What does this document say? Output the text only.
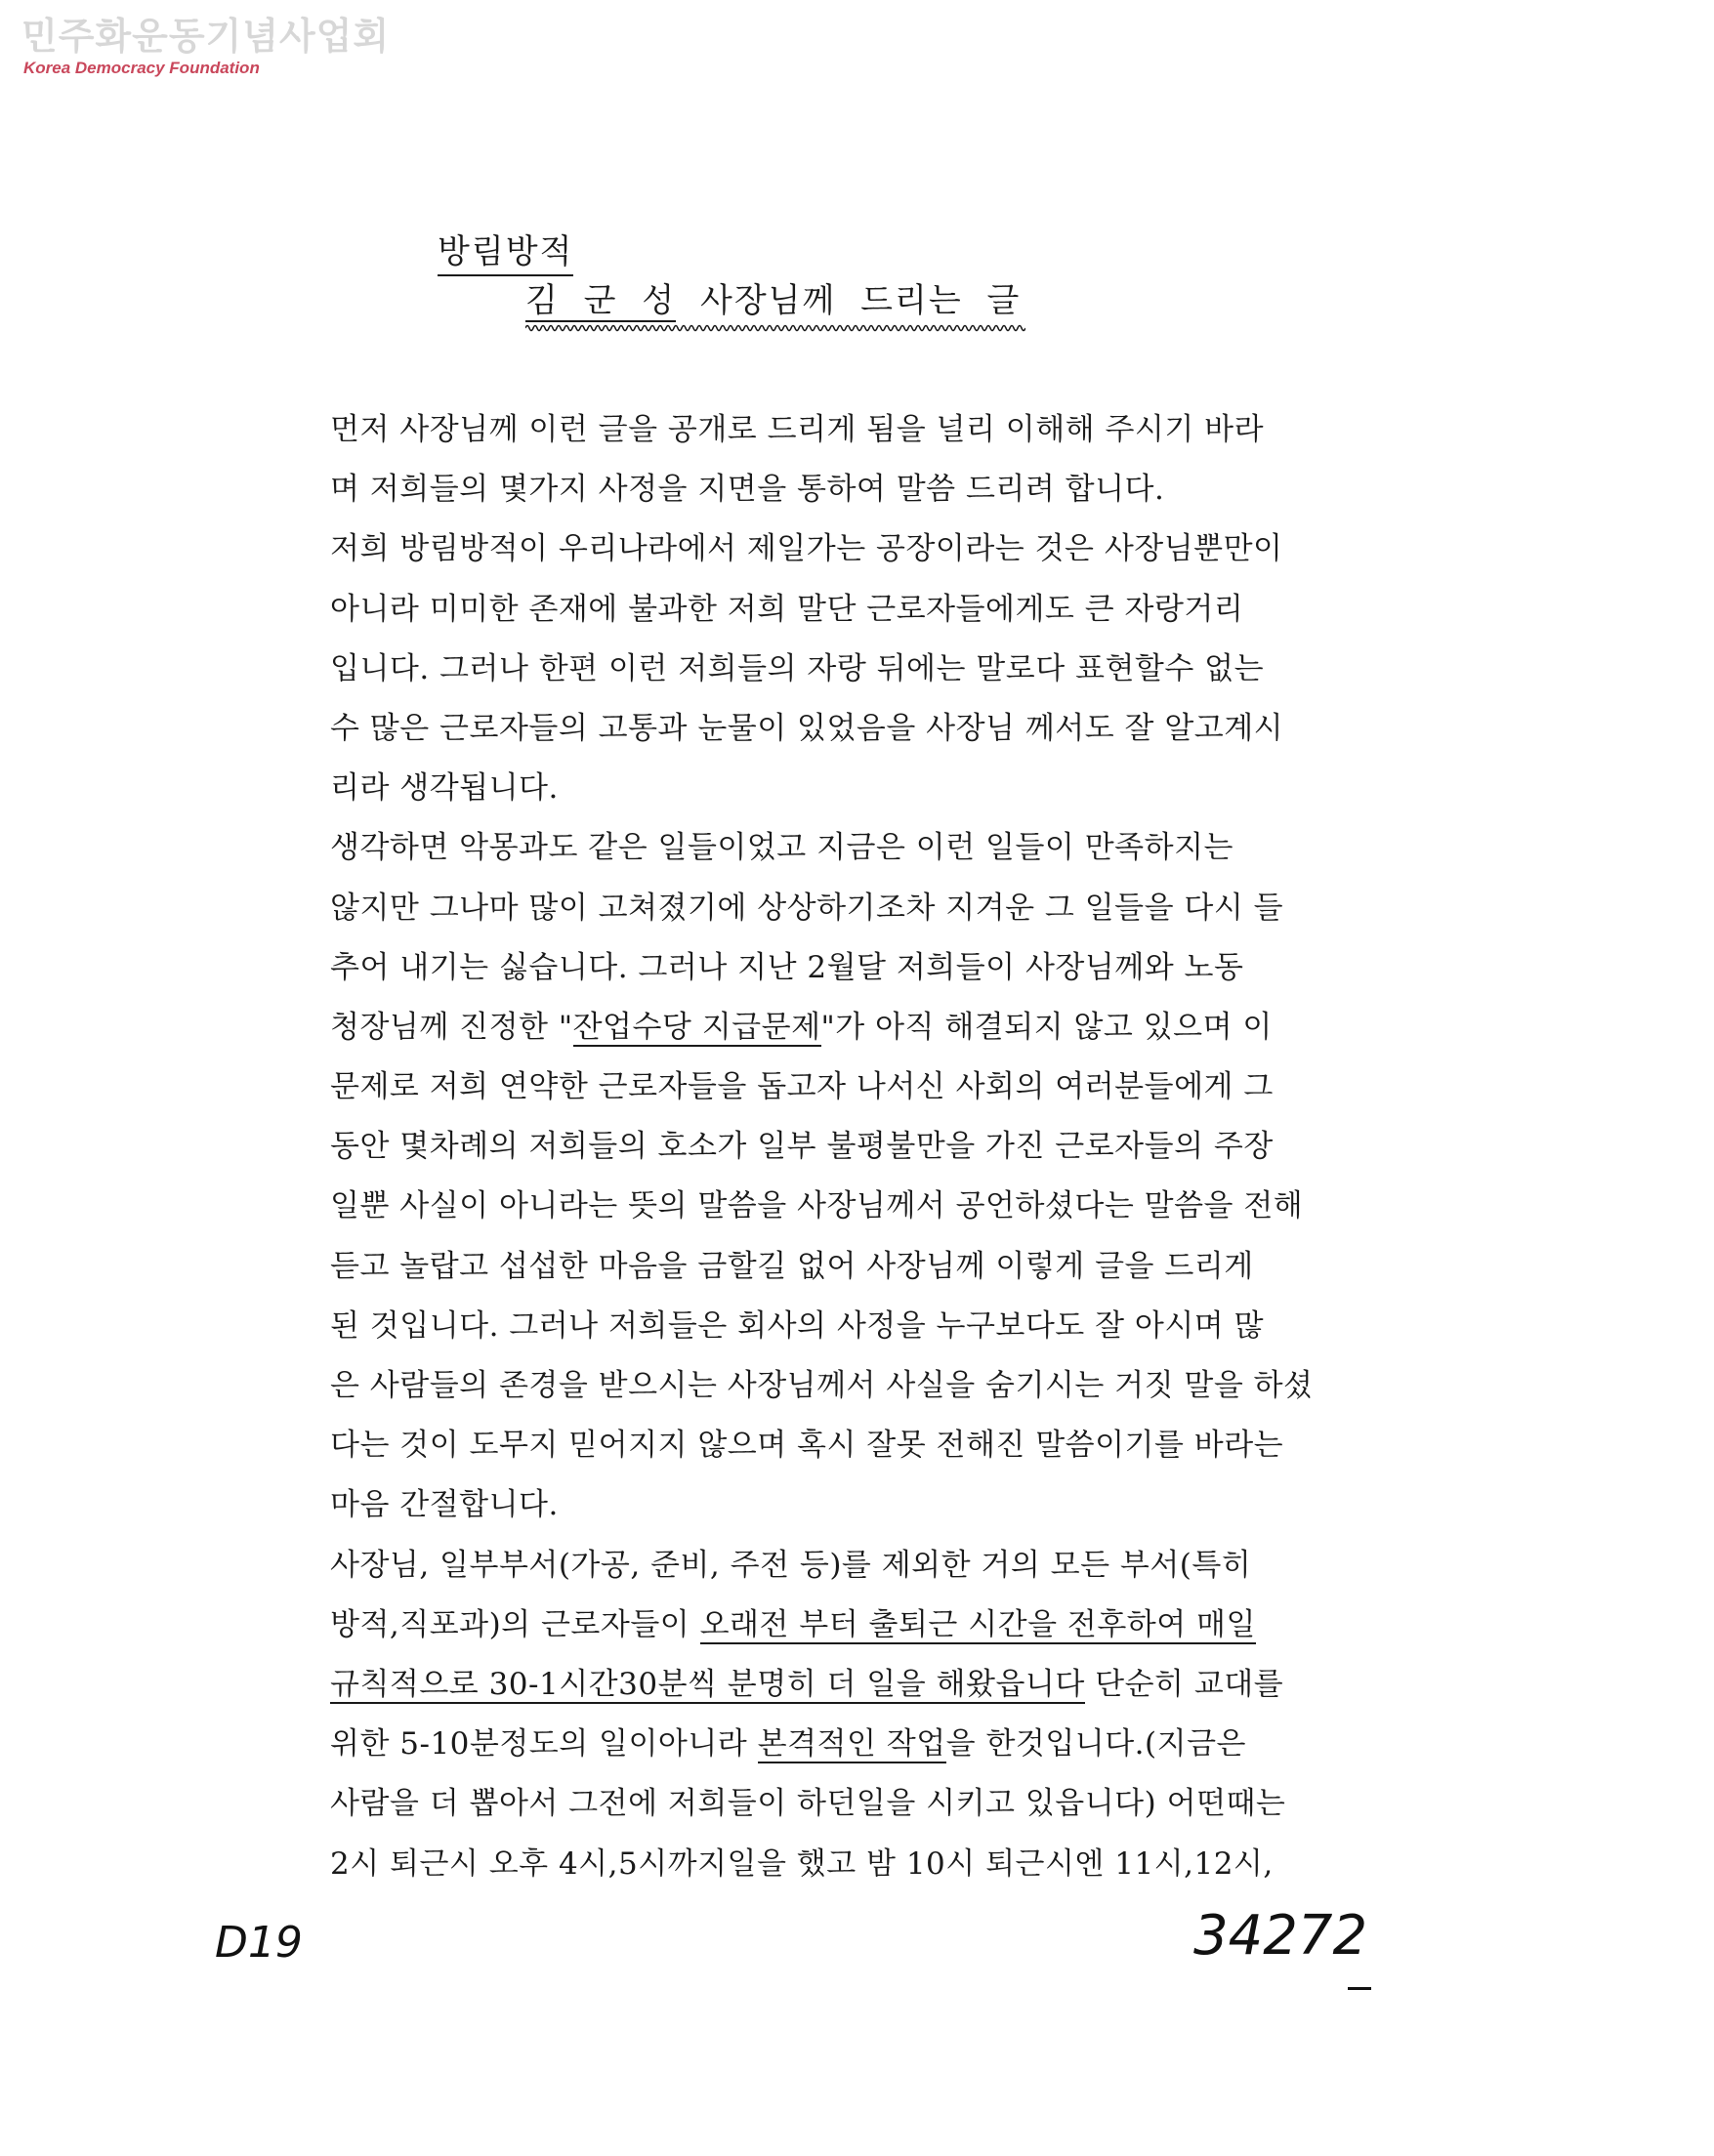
민주화운동기념사업회
Korea Democracy Foundation
방림방적
김 군 성 사장님께 드리는 글
먼저 사장님께 이런 글을 공개로 드리게 됨을 널리 이해해 주시기 바라
며 저희들의 몇가지 사정을 지면을 통하여 말씀 드리려 합니다.
저희 방림방적이 우리나라에서 제일가는 공장이라는 것은 사장님뿐만이
아니라 미미한 존재에 불과한 저희 말단 근로자들에게도 큰 자랑거리
입니다. 그러나 한편 이런 저희들의 자랑 뒤에는 말로다 표현할수 없는
수 많은 근로자들의 고통과 눈물이 있었음을 사장님 께서도 잘 알고계시
리라 생각됩니다.
생각하면 악몽과도 같은 일들이었고 지금은 이런 일들이 만족하지는
않지만 그나마 많이 고쳐졌기에 상상하기조차 지겨운 그 일들을 다시 들
추어 내기는 싫습니다. 그러나 지난 2월달 저희들이 사장님께와 노동
청장님께 진정한 "잔업수당 지급문제"가 아직 해결되지 않고 있으며 이
문제로 저희 연약한 근로자들을 돕고자 나서신 사회의 여러분들에게 그
동안 몇차례의 저희들의 호소가 일부 불평불만을 가진 근로자들의 주장
일뿐 사실이 아니라는 뜻의 말씀을 사장님께서 공언하셨다는 말씀을 전해
듣고 놀랍고 섭섭한 마음을 금할길 없어 사장님께 이렇게 글을 드리게
된 것입니다. 그러나 저희들은 회사의 사정을 누구보다도 잘 아시며 많
은 사람들의 존경을 받으시는 사장님께서 사실을 숨기시는 거짓 말을 하셨
다는 것이 도무지 믿어지지 않으며 혹시 잘못 전해진 말씀이기를 바라는
마음 간절합니다.
사장님, 일부부서(가공, 준비, 주전 등)를 제외한 거의 모든 부서(특히
방적,직포과)의 근로자들이 오래전 부터 출퇴근 시간을 전후하여 매일
규칙적으로 30-1시간30분씩 분명히 더 일을 해왔읍니다 단순히 교대를
위한 5-10분정도의 일이아니라 본격적인 작업을 한것입니다.(지금은
사람을 더 뽑아서 그전에 저희들이 하던일을 시키고 있읍니다) 어떤때는
2시 퇴근시 오후 4시,5시까지일을 했고 밤 10시 퇴근시엔 11시,12시,
D19	34272
